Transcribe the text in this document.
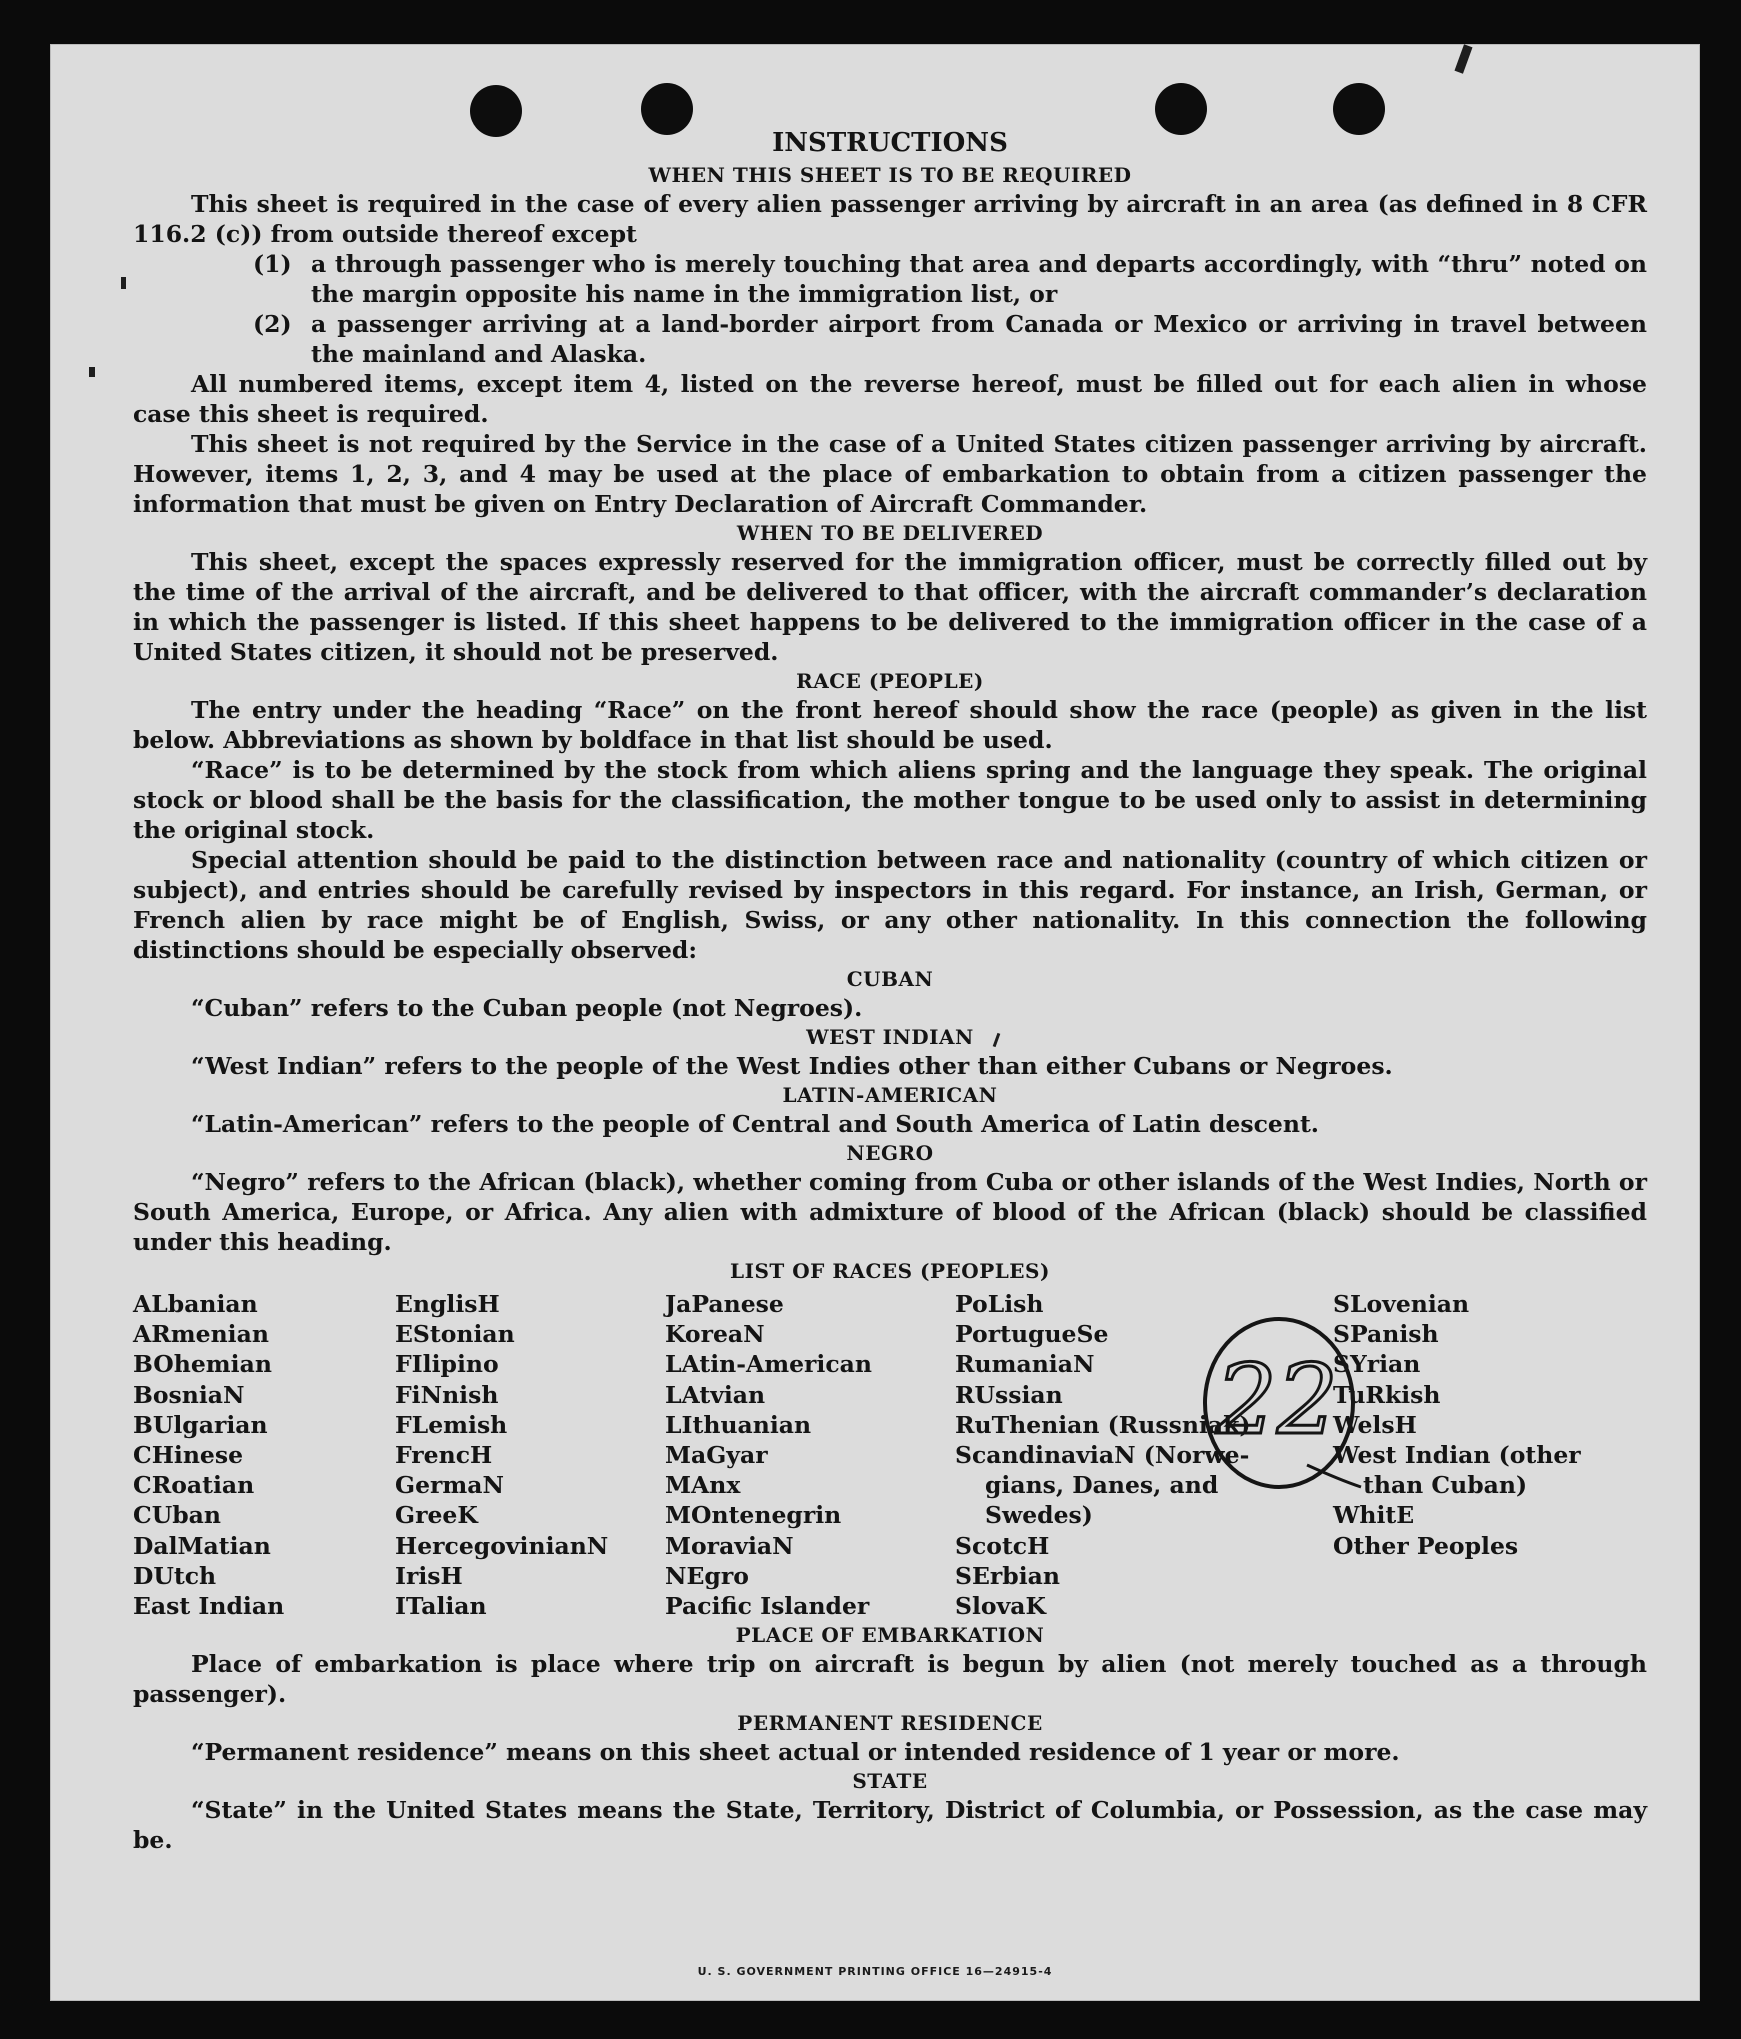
INSTRUCTIONS
WHEN THIS SHEET IS TO BE REQUIRED

This sheet is required in the case of every alien passenger arriving by aircraft in an area (as defined in 8 CFR 116.2 (c)) from outside thereof except

(1) a through passenger who is merely touching that area and departs accordingly, with “thru” noted on the margin opposite his name in the immigration list, or
(2) a passenger arriving at a land-border airport from Canada or Mexico or arriving in travel between the mainland and Alaska.

All numbered items, except item 4, listed on the reverse hereof, must be filled out for each alien in whose case this sheet is required.

This sheet is not required by the Service in the case of a United States citizen passenger arriving by aircraft. However, items 1, 2, 3, and 4 may be used at the place of embarkation to obtain from a citizen passenger the information that must be given on Entry Declaration of Aircraft Commander.

WHEN TO BE DELIVERED

This sheet, except the spaces expressly reserved for the immigration officer, must be correctly filled out by the time of the arrival of the aircraft, and be delivered to that officer, with the aircraft commander’s declaration in which the passenger is listed. If this sheet happens to be delivered to the immigration officer in the case of a United States citizen, it should not be preserved.

RACE (PEOPLE)

The entry under the heading “Race” on the front hereof should show the race (people) as given in the list below. Abbreviations as shown by boldface in that list should be used.

“Race” is to be determined by the stock from which aliens spring and the language they speak. The original stock or blood shall be the basis for the classification, the mother tongue to be used only to assist in determining the original stock.

Special attention should be paid to the distinction between race and nationality (country of which citizen or subject), and entries should be carefully revised by inspectors in this regard. For instance, an Irish, German, or French alien by race might be of English, Swiss, or any other nationality. In this connection the following distinctions should be especially observed:

CUBAN

“Cuban” refers to the Cuban people (not Negroes).

WEST INDIAN

“West Indian” refers to the people of the West Indies other than either Cubans or Negroes.

LATIN-AMERICAN

“Latin-American” refers to the people of Central and South America of Latin descent.

NEGRO

“Negro” refers to the African (black), whether coming from Cuba or other islands of the West Indies, North or South America, Europe, or Africa. Any alien with admixture of blood of the African (black) should be classified under this heading.

LIST OF RACES (PEOPLES)
ALbanian
ARmenian
BOhemian
BosniaN
BUlgarian
CHinese
CRoatian
CUban
DalMatian
DUtch
East Indian
EnglisH
EStonian
FIlipino
FiNnish
FLemish
FrencH
GermaN
GreeK
HercegovinianN
IrisH
ITalian
JaPanese
KoreaN
LAtin-American
LAtvian
LIthuanian
MaGyar
MAnx
MOntenegrin
MoraviaN
NEgro
Pacific Islander
PoLish
PortugueSe
RumaniaN
RUssian
RuThenian (Russniak)
ScandinaviaN (Norwe-
gians, Danes, and
Swedes)
ScotcH
SErbian
SlovaK
SLovenian
SPanish
SYrian
TuRkish
WelsH
West Indian (other
than Cuban)
WhitE
Other Peoples
PLACE OF EMBARKATION

Place of embarkation is place where trip on aircraft is begun by alien (not merely touched as a through passenger).

PERMANENT RESIDENCE

“Permanent residence” means on this sheet actual or intended residence of 1 year or more.

STATE

“State” in the United States means the State, Territory, District of Columbia, or Possession, as the case may be.

22
U. S. GOVERNMENT PRINTING OFFICE 16—24915-4
